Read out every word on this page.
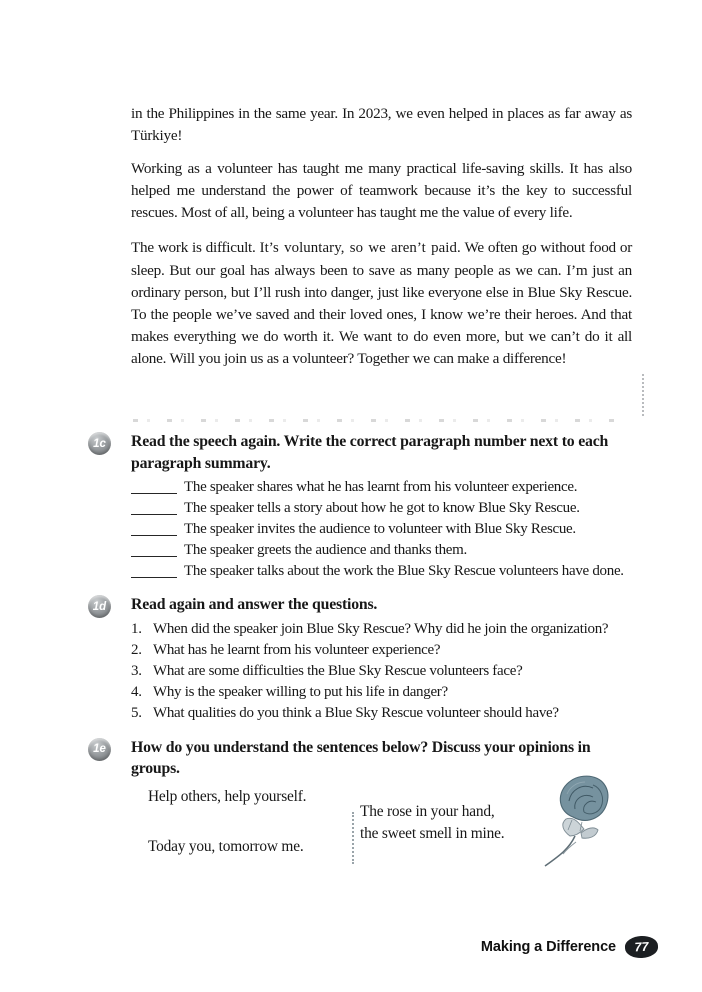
in the Philippines in the same year. In 2023, we even helped in places as far away as Türkiye!

Working as a volunteer has taught me many practical life-saving skills. It has also helped me understand the power of teamwork because it’s the key to successful rescues. Most of all, being a volunteer has taught me the value of every life.

The work is difficult. It’s voluntary, so we aren’t paid. We often go without food or sleep. But our goal has always been to save as many people as we can. I’m just an ordinary person, but I’ll rush into danger, just like everyone else in Blue Sky Rescue. To the people we’ve saved and their loved ones, I know we’re their heroes. And that makes everything we do worth it. We want to do even more, but we can’t do it all alone. Will you join us as a volunteer? Together we can make a difference!

1c	Read the speech again. Write the correct paragraph number next to each paragraph summary.
The speaker shares what he has learnt from his volunteer experience.
The speaker tells a story about how he got to know Blue Sky Rescue.
The speaker invites the audience to volunteer with Blue Sky Rescue.
The speaker greets the audience and thanks them.
The speaker talks about the work the Blue Sky Rescue volunteers have done.
1d	Read again and answer the questions.
1. When did the speaker join Blue Sky Rescue? Why did he join the organization?
2. What has he learnt from his volunteer experience?
3. What are some difficulties the Blue Sky Rescue volunteers face?
4. Why is the speaker willing to put his life in danger?
5. What qualities do you think a Blue Sky Rescue volunteer should have?
1e	How do you understand the sentences below? Discuss your opinions in groups.
Help others, help yourself.
Today you, tomorrow me.
The rose in your hand,
the sweet smell in mine.
Making a Difference	77
